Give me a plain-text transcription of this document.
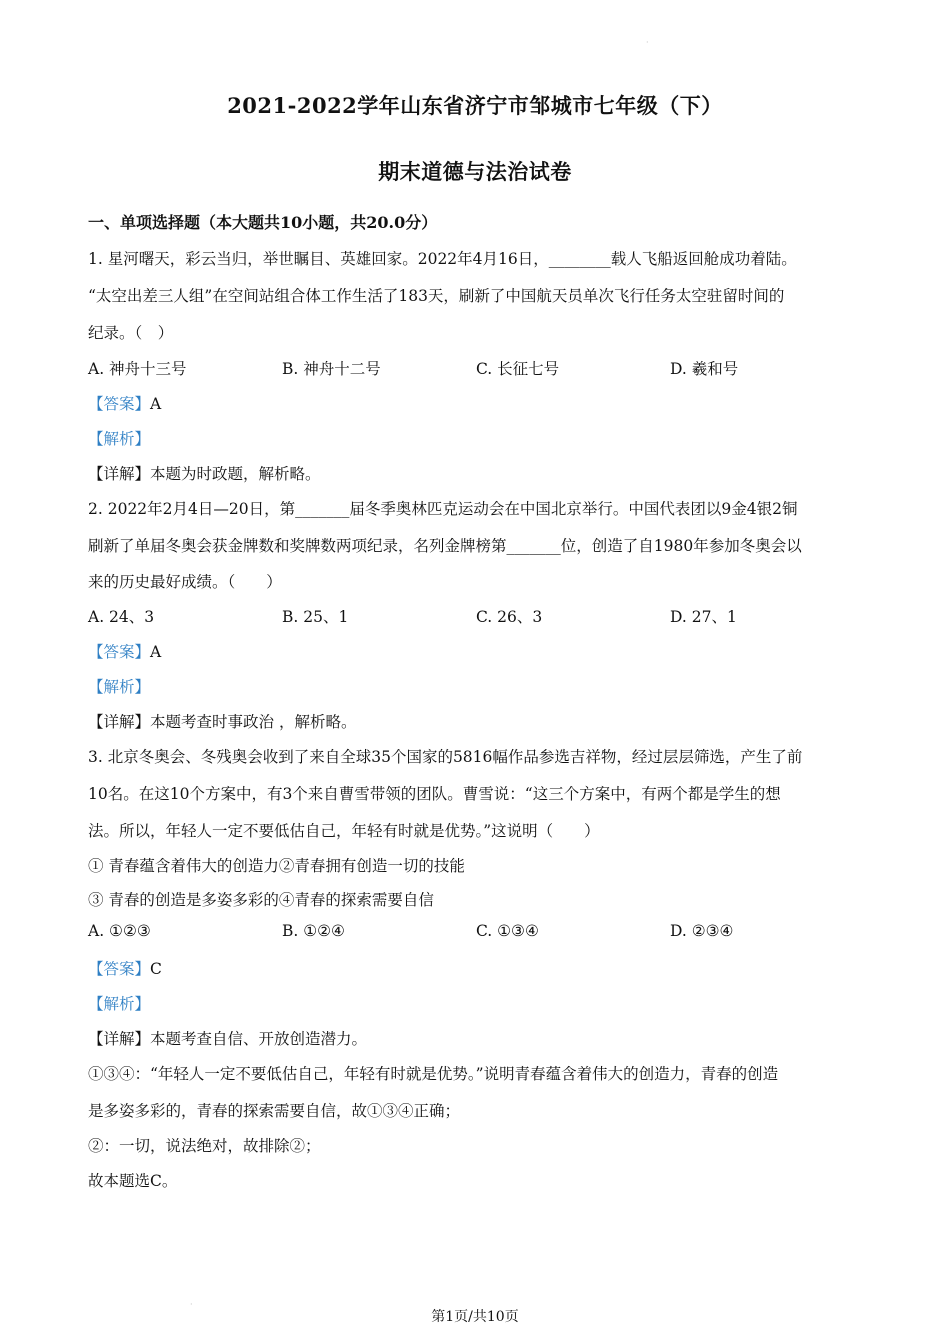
·
2021-2022学年山东省济宁市邹城市七年级（下）
期末道德与法治试卷
一、单项选择题（本大题共10小题，共20.0分）
1. 星河曙天，彩云当归，举世瞩目、英雄回家。2022年4月16日，________载人飞船返回舱成功着陆。
“太空出差三人组”在空间站组合体工作生活了183天，刷新了中国航天员单次飞行任务太空驻留时间的
纪录。（　）
A. 神舟十三号	B. 神舟十二号	C. 长征七号	D. 羲和号
【答案】A
【解析】
【详解】本题为时政题，解析略。
2. 2022年2月4日—20日，第_______届冬季奥林匹克运动会在中国北京举行。中国代表团以9金4银2铜
刷新了单届冬奥会获金牌数和奖牌数两项纪录，名列金牌榜第_______位，创造了自1980年参加冬奥会以
来的历史最好成绩。（　　）
A. 24、3	B. 25、1	C. 26、3	D. 27、1
【答案】A
【解析】
【详解】本题考查时事政治 ，解析略。
3. 北京冬奥会、冬残奥会收到了来自全球35个国家的5816幅作品参选吉祥物，经过层层筛选，产生了前
10名。在这10个方案中，有3个来自曹雪带领的团队。曹雪说：“这三个方案中，有两个都是学生的想
法。所以，年轻人一定不要低估自己，年轻有时就是优势。”这说明（　　）
① 青春蕴含着伟大的创造力②青春拥有创造一切的技能
③ 青春的创造是多姿多彩的④青春的探索需要自信
A. ①②③	B. ①②④	C. ①③④	D. ②③④
【答案】C
【解析】
【详解】本题考查自信、开放创造潜力。
①③④：“年轻人一定不要低估自己，年轻有时就是优势。”说明青春蕴含着伟大的创造力，青春的创造
是多姿多彩的，青春的探索需要自信，故①③④正确；
②：一切，说法绝对，故排除②；
故本题选C。
·
第1页/共10页
